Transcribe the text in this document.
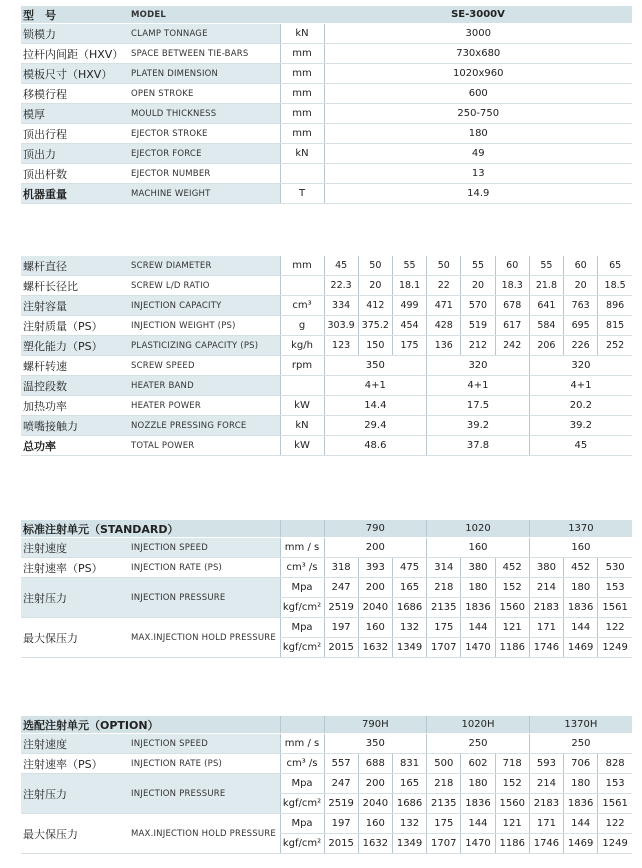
型　号	MODEL		SE-3000V
锁模力	CLAMP TONNAGE	kN	3000
拉杆内间距（HXV）	SPACE BETWEEN TIE-BARS	mm	730x680
模板尺寸（HXV）	PLATEN DIMENSION	mm	1020x960
移模行程	OPEN STROKE	mm	600
模厚	MOULD THICKNESS	mm	250-750
顶出行程	EJECTOR STROKE	mm	180
顶出力	EJECTOR FORCE	kN	49
顶出杆数	EJECTOR NUMBER		13
机器重量	MACHINE WEIGHT	T	14.9
螺杆直径	SCREW DIAMETER	mm	45	50	55	50	55	60	55	60	65
螺杆长径比	SCREW L/D RATIO		22.3	20	18.1	22	20	18.3	21.8	20	18.5
注射容量	INJECTION CAPACITY	cm³	334	412	499	471	570	678	641	763	896
注射质量（PS）	INJECTION WEIGHT (PS)	g	303.9	375.2	454	428	519	617	584	695	815
塑化能力（PS）	PLASTICIZING CAPACITY (PS)	kg/h	123	150	175	136	212	242	206	226	252
螺杆转速	SCREW SPEED	rpm	350			320			320		
温控段数	HEATER BAND		4+1			4+1			4+1		
加热功率	HEATER POWER	kW	14.4			17.5			20.2		
喷嘴接触力	NOZZLE PRESSING FORCE	kN	29.4			39.2			39.2		
总功率	TOTAL POWER	kW	48.6			37.8			45		
标准注射单元（STANDARD）			790			1020			1370		
注射速度	INJECTION SPEED	mm / s	200			160			160		
注射速率（PS）	INJECTION RATE (PS)	cm³ /s	318	393	475	314	380	452	380	452	530
注射压力	INJECTION PRESSURE	Mpa	247	200	165	218	180	152	214	180	153
		kgf/cm²	2519	2040	1686	2135	1836	1560	2183	1836	1561
最大保压力	MAX.INJECTION HOLD PRESSURE	Mpa	197	160	132	175	144	121	171	144	122
		kgf/cm²	2015	1632	1349	1707	1470	1186	1746	1469	1249
选配注射单元（OPTION）			790H			1020H			1370H		
注射速度	INJECTION SPEED	mm / s	350			250			250		
注射速率（PS）	INJECTION RATE (PS)	cm³ /s	557	688	831	500	602	718	593	706	828
注射压力	INJECTION PRESSURE	Mpa	247	200	165	218	180	152	214	180	153
		kgf/cm²	2519	2040	1686	2135	1836	1560	2183	1836	1561
最大保压力	MAX.INJECTION HOLD PRESSURE	Mpa	197	160	132	175	144	121	171	144	122
		kgf/cm²	2015	1632	1349	1707	1470	1186	1746	1469	1249
